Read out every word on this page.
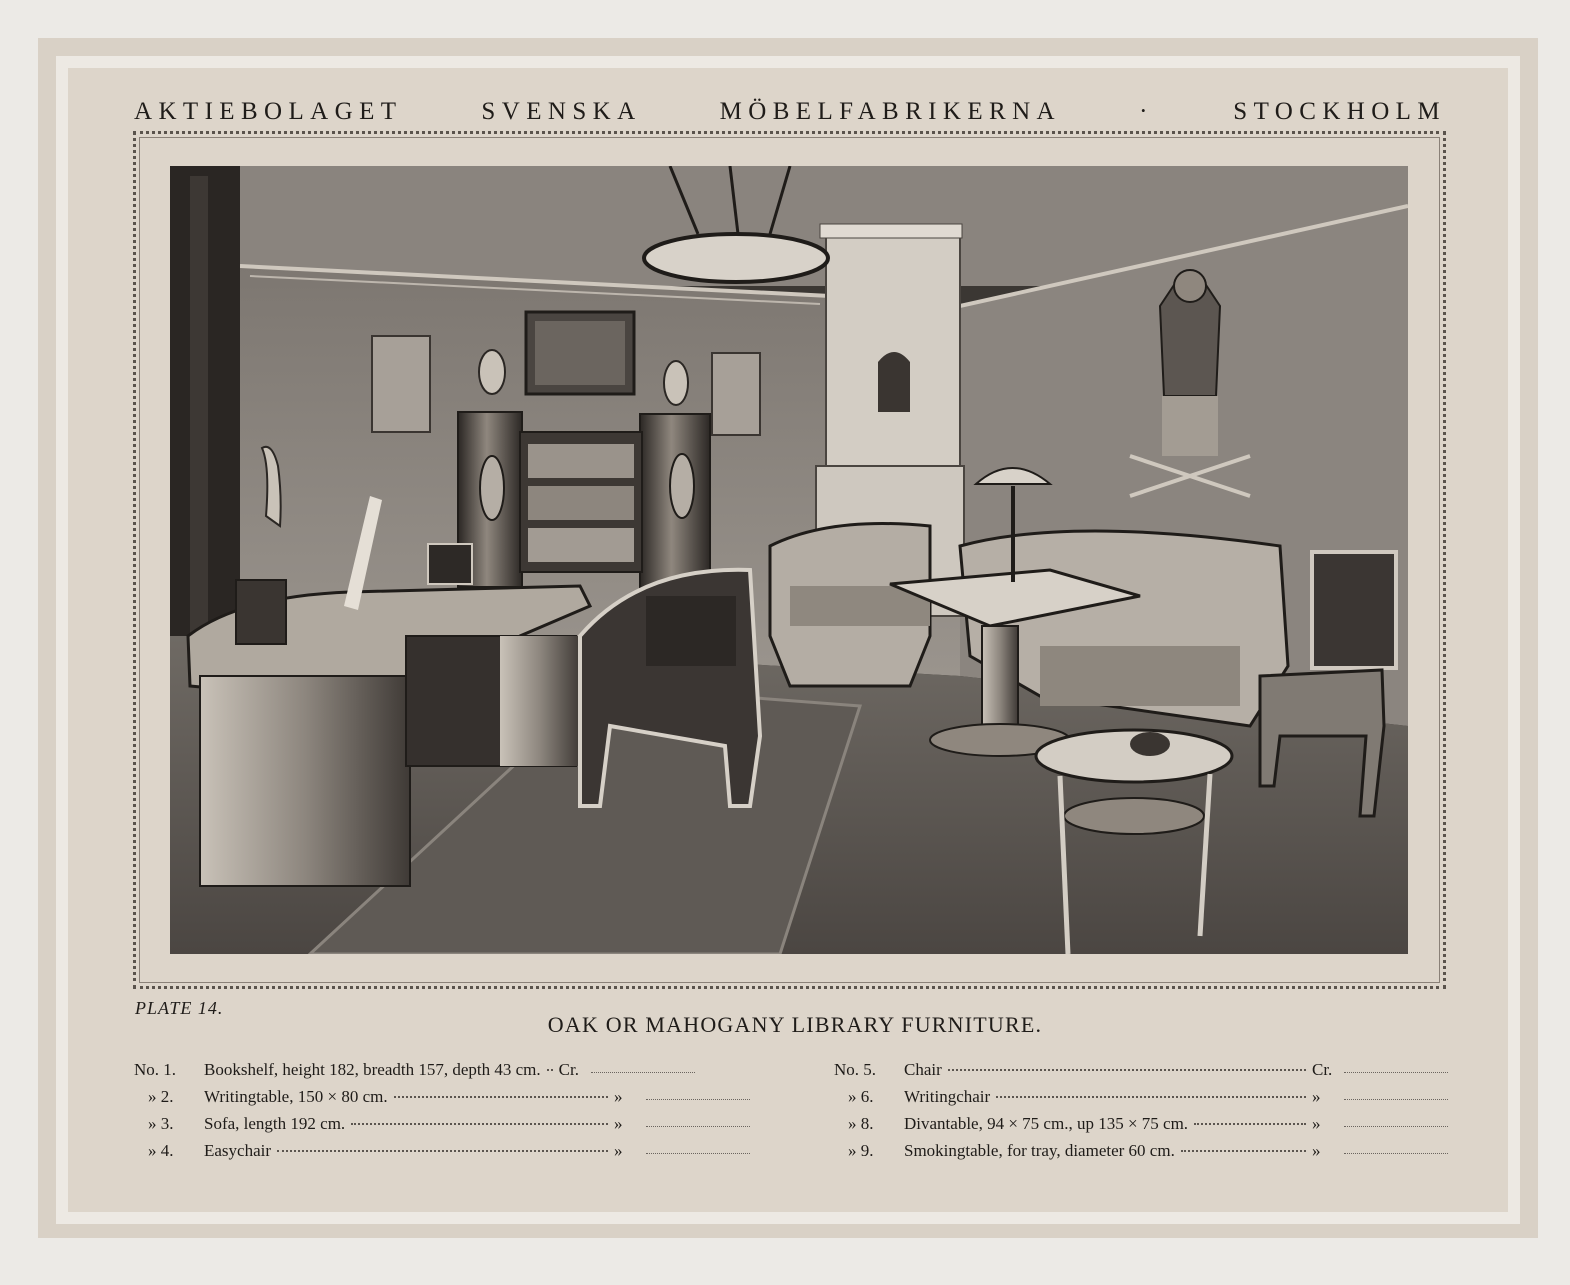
AKTIEBOLAGET SVENSKA MÖBELFABRIKERNA · STOCKHOLM
PLATE 14.
OAK OR MAHOGANY LIBRARY FURNITURE.
No. 1.	Bookshelf, height 182, breadth 157, depth 43 cm. Cr.
» 2.	Writingtable, 150 × 80 cm.	»
» 3.	Sofa, length 192 cm.	»
» 4.	Easychair	»
No. 5.	Chair	Cr.
» 6.	Writingchair	»
» 8.	Divantable, 94 × 75 cm., up 135 × 75 cm.	»
» 9.	Smokingtable, for tray, diameter 60 cm.	»
